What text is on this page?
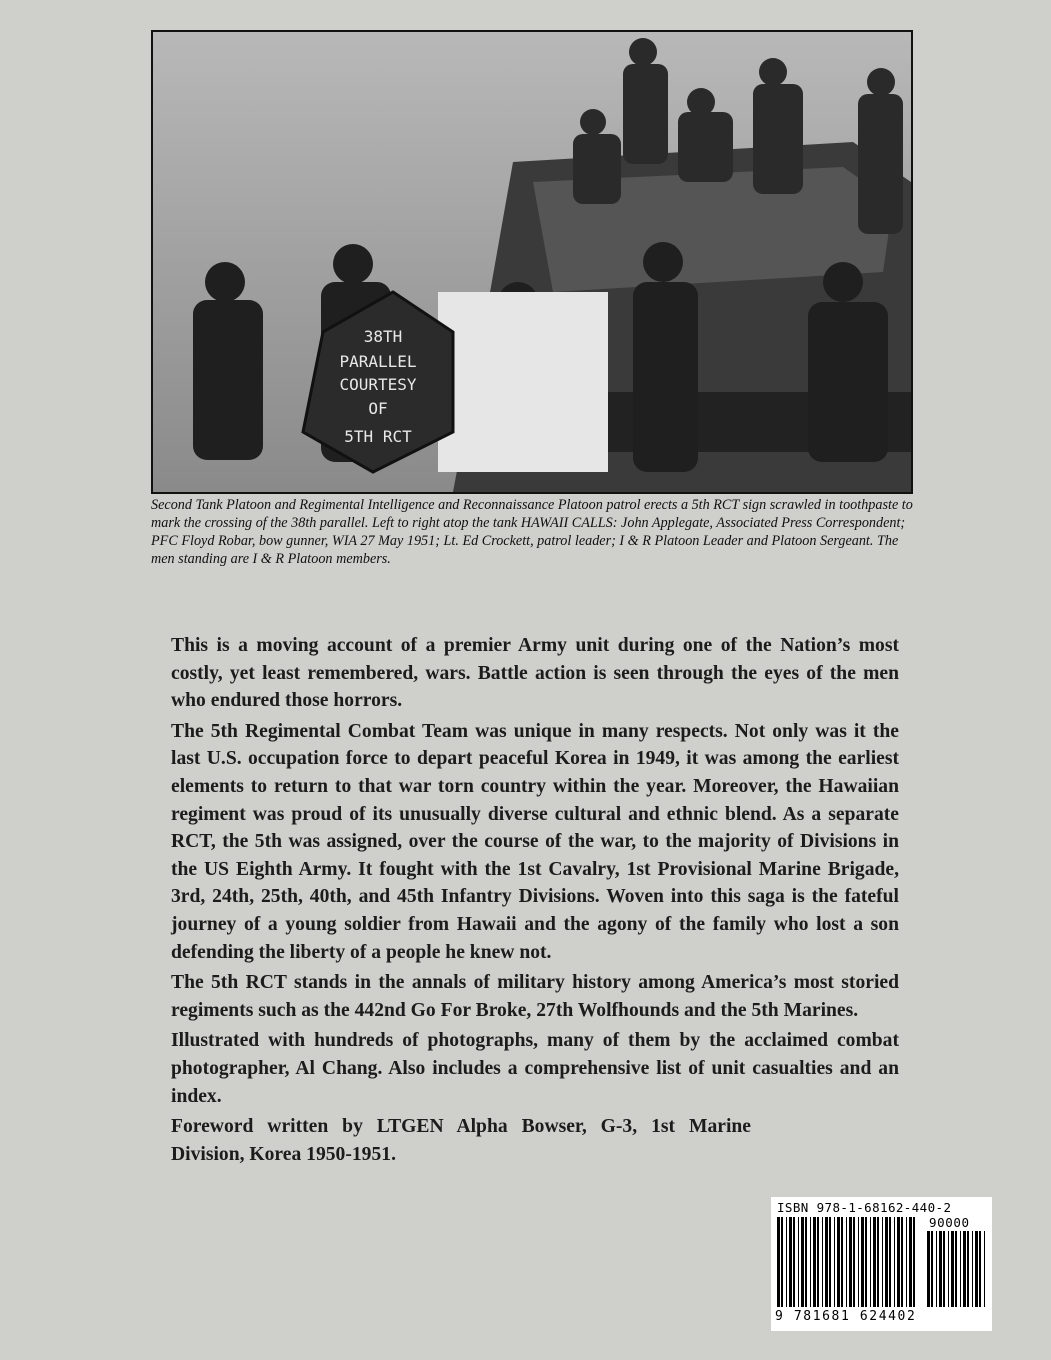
38TH
PARALLEL
COURTESY
OF
5TH RCT
Second Tank Platoon and Regimental Intelligence and Reconnaissance Platoon patrol erects a 5th RCT sign scrawled in toothpaste to mark the crossing of the 38th parallel. Left to right atop the tank HAWAII CALLS: John Applegate, Associated Press Correspondent; PFC Floyd Robar, bow gunner, WIA 27 May 1951; Lt. Ed Crockett, patrol leader; I & R Platoon Leader and Platoon Sergeant. The men standing are I & R Platoon members.

This is a moving account of a premier Army unit during one of the Nation’s most costly, yet least remembered, wars. Battle action is seen through the eyes of the men who endured those horrors.

The 5th Regimental Combat Team was unique in many respects. Not only was it the last U.S. occupation force to depart peaceful Korea in 1949, it was among the earliest elements to return to that war torn country within the year. Moreover, the Hawaiian regiment was proud of its unusually diverse cultural and ethnic blend. As a separate RCT, the 5th was assigned, over the course of the war, to the majority of Divisions in the US Eighth Army. It fought with the 1st Cavalry, 1st Provisional Marine Brigade, 3rd, 24th, 25th, 40th, and 45th Infantry Divisions. Woven into this saga is the fateful journey of a young soldier from Hawaii and the agony of the family who lost a son defending the liberty of a people he knew not.

The 5th RCT stands in the annals of military history among America’s most storied regiments such as the 442nd Go For Broke, 27th Wolfhounds and the 5th Marines.

Illustrated with hundreds of photographs, many of them by the acclaimed combat photographer, Al Chang. Also includes a comprehensive list of unit casualties and an index.

Foreword written by LTGEN Alpha Bowser, G-3, 1st Marine Division, Korea 1950-1951.

ISBN 978-1-68162-440-2
90000
9 781681 624402
